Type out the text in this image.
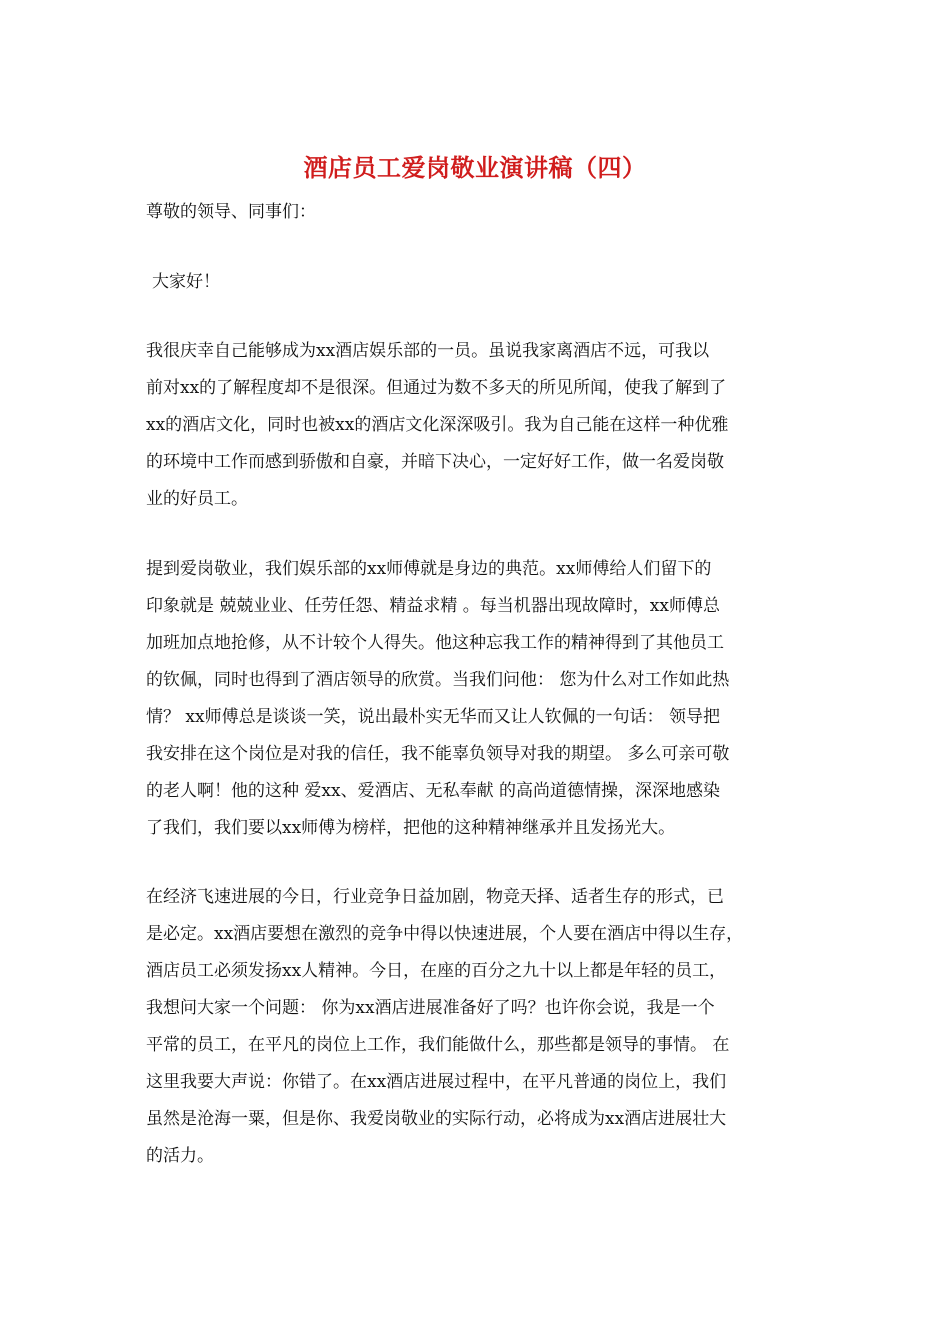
酒店员工爱岗敬业演讲稿（四）
尊敬的领导、同事们：
大家好！
我很庆幸自己能够成为xx酒店娱乐部的一员。虽说我家离酒店不远，可我以
前对xx的了解程度却不是很深。但通过为数不多天的所见所闻，使我了解到了
xx的酒店文化，同时也被xx的酒店文化深深吸引。我为自己能在这样一种优雅
的环境中工作而感到骄傲和自豪，并暗下决心，一定好好工作，做一名爱岗敬
业的好员工。
提到爱岗敬业，我们娱乐部的xx师傅就是身边的典范。xx师傅给人们留下的
印象就是 兢兢业业、任劳任怨、精益求精 。每当机器出现故障时，xx师傅总
加班加点地抢修，从不计较个人得失。他这种忘我工作的精神得到了其他员工
的钦佩，同时也得到了酒店领导的欣赏。当我们问他： 您为什么对工作如此热
情？ xx师傅总是谈谈一笑，说出最朴实无华而又让人钦佩的一句话： 领导把
我安排在这个岗位是对我的信任，我不能辜负领导对我的期望。 多么可亲可敬
的老人啊！他的这种 爱xx、爱酒店、无私奉献 的高尚道德情操，深深地感染
了我们，我们要以xx师傅为榜样，把他的这种精神继承并且发扬光大。
在经济飞速进展的今日，行业竞争日益加剧，物竞天择、适者生存的形式，已
是必定。xx酒店要想在激烈的竞争中得以快速进展，个人要在酒店中得以生存，
酒店员工必须发扬xx人精神。今日，在座的百分之九十以上都是年轻的员工，
我想问大家一个问题： 你为xx酒店进展准备好了吗？也许你会说，我是一个
平常的员工，在平凡的岗位上工作，我们能做什么，那些都是领导的事情。 在
这里我要大声说：你错了。在xx酒店进展过程中，在平凡普通的岗位上，我们
虽然是沧海一粟，但是你、我爱岗敬业的实际行动，必将成为xx酒店进展壮大
的活力。
